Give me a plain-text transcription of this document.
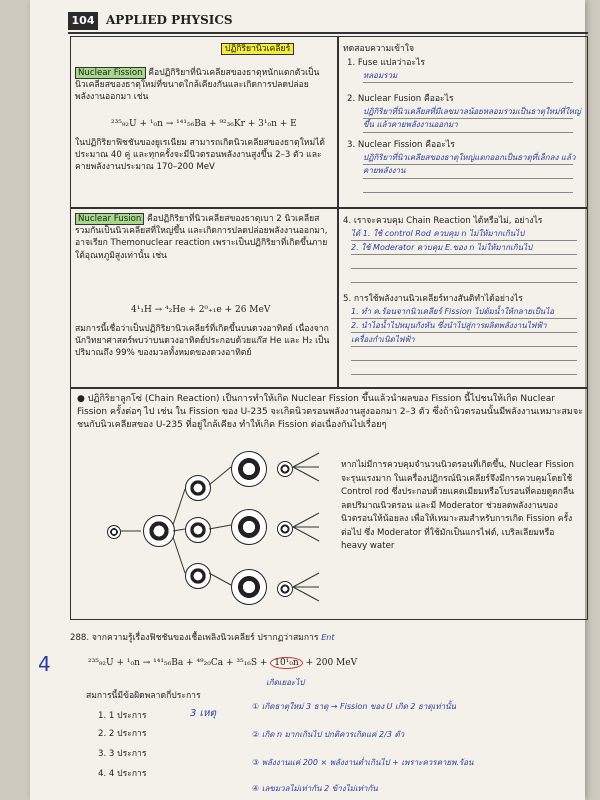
104 APPLIED PHYSICS
ปฏิกิริยานิวเคลียร์
Nuclear Fission คือปฏิกิริยาที่นิวเคลียสของธาตุหนักแตกตัวเป็นนิวเคลียสของธาตุใหม่ที่ขนาดใกล้เคียงกันและเกิดการปลดปล่อยพลังงานออกมา เช่น
²³⁵₉₂U + ¹₀n → ¹⁴¹₅₆Ba + ⁹²₃₆Kr + 3¹₀n + E
ในปฏิกิริยาฟิชชันของยูเรเนียม สามารถเกิดนิวเคลียสของธาตุใหม่ได้ประมาณ 40 คู่ และทุกครั้งจะมีนิวตรอนพลังงานสูงขึ้น 2–3 ตัว และคายพลังงานประมาณ 170–200 MeV
Nuclear Fusion คือปฏิกิริยาที่นิวเคลียสของธาตุเบา 2 นิวเคลียสรวมกันเป็นนิวเคลียสที่ใหญ่ขึ้น และเกิดการปลดปล่อยพลังงานออกมา, อาจเรียก Themonuclear reaction เพราะเป็นปฏิกิริยาที่เกิดขึ้นภายใต้อุณหภูมิสูงเท่านั้น เช่น
4¹₁H → ⁴₂He + 2⁰₊₁e + 26 MeV
สมการนี้เชื่อว่าเป็นปฏิกิริยานิวเคลียร์ที่เกิดขึ้นบนดวงอาทิตย์ เนื่องจากนักวิทยาศาสตร์พบว่าบนดวงอาทิตย์ประกอบด้วยแก๊ส He และ H₂ เป็นปริมาณถึง 99% ของมวลทั้งหมดของดวงอาทิตย์
ทดสอบความเข้าใจ
1. Fuse แปลว่าอะไร
หลอมรวม
2. Nuclear Fusion คืออะไร
ปฏิกิริยาที่นิวเคลียสที่มีเลขมวลน้อยหลอมรวมเป็นธาตุใหม่ที่ใหญ่ขึ้น แล้วคายพลังงานออกมา
3. Nuclear Fission คืออะไร
ปฏิกิริยาที่นิวเคลียสของธาตุใหญ่แตกออกเป็นธาตุที่เล็กลง แล้วคายพลังงาน
4. เราจะควบคุม Chain Reaction ได้หรือไม่, อย่างไร
ได้ 1. ใช้ control Rod ควบคุม n ไม่ให้มากเกินไป
2. ใช้ Moderator ควบคุม E.ของ n ไม่ให้มากเกินไป
5. การใช้พลังงานนิวเคลียร์ทางสันติทำได้อย่างไร
1. ทำ ค.ร้อนจากนิวเคลียร์ Fission ไปต้มน้ำให้กลายเป็นไอ
2. นำไอน้ำไปหมุนกังหัน ซึ่งนำไปสู่การผลิตพลังงานไฟฟ้า
เครื่องกำเนิดไฟฟ้า
● ปฏิกิริยาลูกโซ่ (Chain Reaction) เป็นการทำให้เกิด Nuclear Fission ขึ้นแล้วนำผลของ Fission นี้ไปชนให้เกิด Nuclear Fission ครั้งต่อๆ ไป เช่น ใน Fission ของ U-235 จะเกิดนิวตรอนพลังงานสูงออกมา 2–3 ตัว ซึ่งถ้านิวตรอนนั้นมีพลังงานเหมาะสมจะชนกับนิวเคลียสของ U-235 ที่อยู่ใกล้เคียง ทำให้เกิด Fission ต่อเนื่องกันไปเรื่อยๆ
หากไม่มีการควบคุมจำนวนนิวตรอนที่เกิดขึ้น, Nuclear Fission จะรุนแรงมาก ในเครื่องปฏิกรณ์นิวเคลียร์จึงมีการควบคุมโดยใช้ Control rod ซึ่งประกอบด้วยแคดเมียมหรือโบรอนที่คอยดูดกลืนลดปริมาณนิวตรอน และมี Moderator ช่วยลดพลังงานของนิวตรอนให้น้อยลง เพื่อให้เหมาะสมสำหรับการเกิด Fission ครั้งต่อไป ซึ่ง Moderator ที่ใช้มักเป็นแกรไฟต์, เบริลเลียมหรือ heavy water
288. จากความรู้เรื่องฟิชชันของเชื้อเพลิงนิวเคลียร์ ปรากฏว่าสมการ Ent
4	²³⁵₉₂U + ¹₀n → ¹⁴¹₅₆Ba + ⁴⁹₂₀Ca + ³⁵₁₆S + 10¹₀n + 200 MeV
เกิดเยอะไป
สมการนี้มีข้อผิดพลาดกี่ประการ
3 เหตุ
1. 1 ประการ
2. 2 ประการ
3. 3 ประการ
4. 4 ประการ
① เกิดธาตุใหม่ 3 ธาตุ → Fission ของ U เกิด 2 ธาตุเท่านั้น
② เกิด n มากเกินไป ปกติควรเกิดแค่ 2/3 ตัว
③ พลังงานแค่ 200 × พลังงานต่ำเกินไป + เพราะควรคายพ.ร้อน
④ เลขมวลไม่เท่ากัน 2 ข้างไม่เท่ากัน
